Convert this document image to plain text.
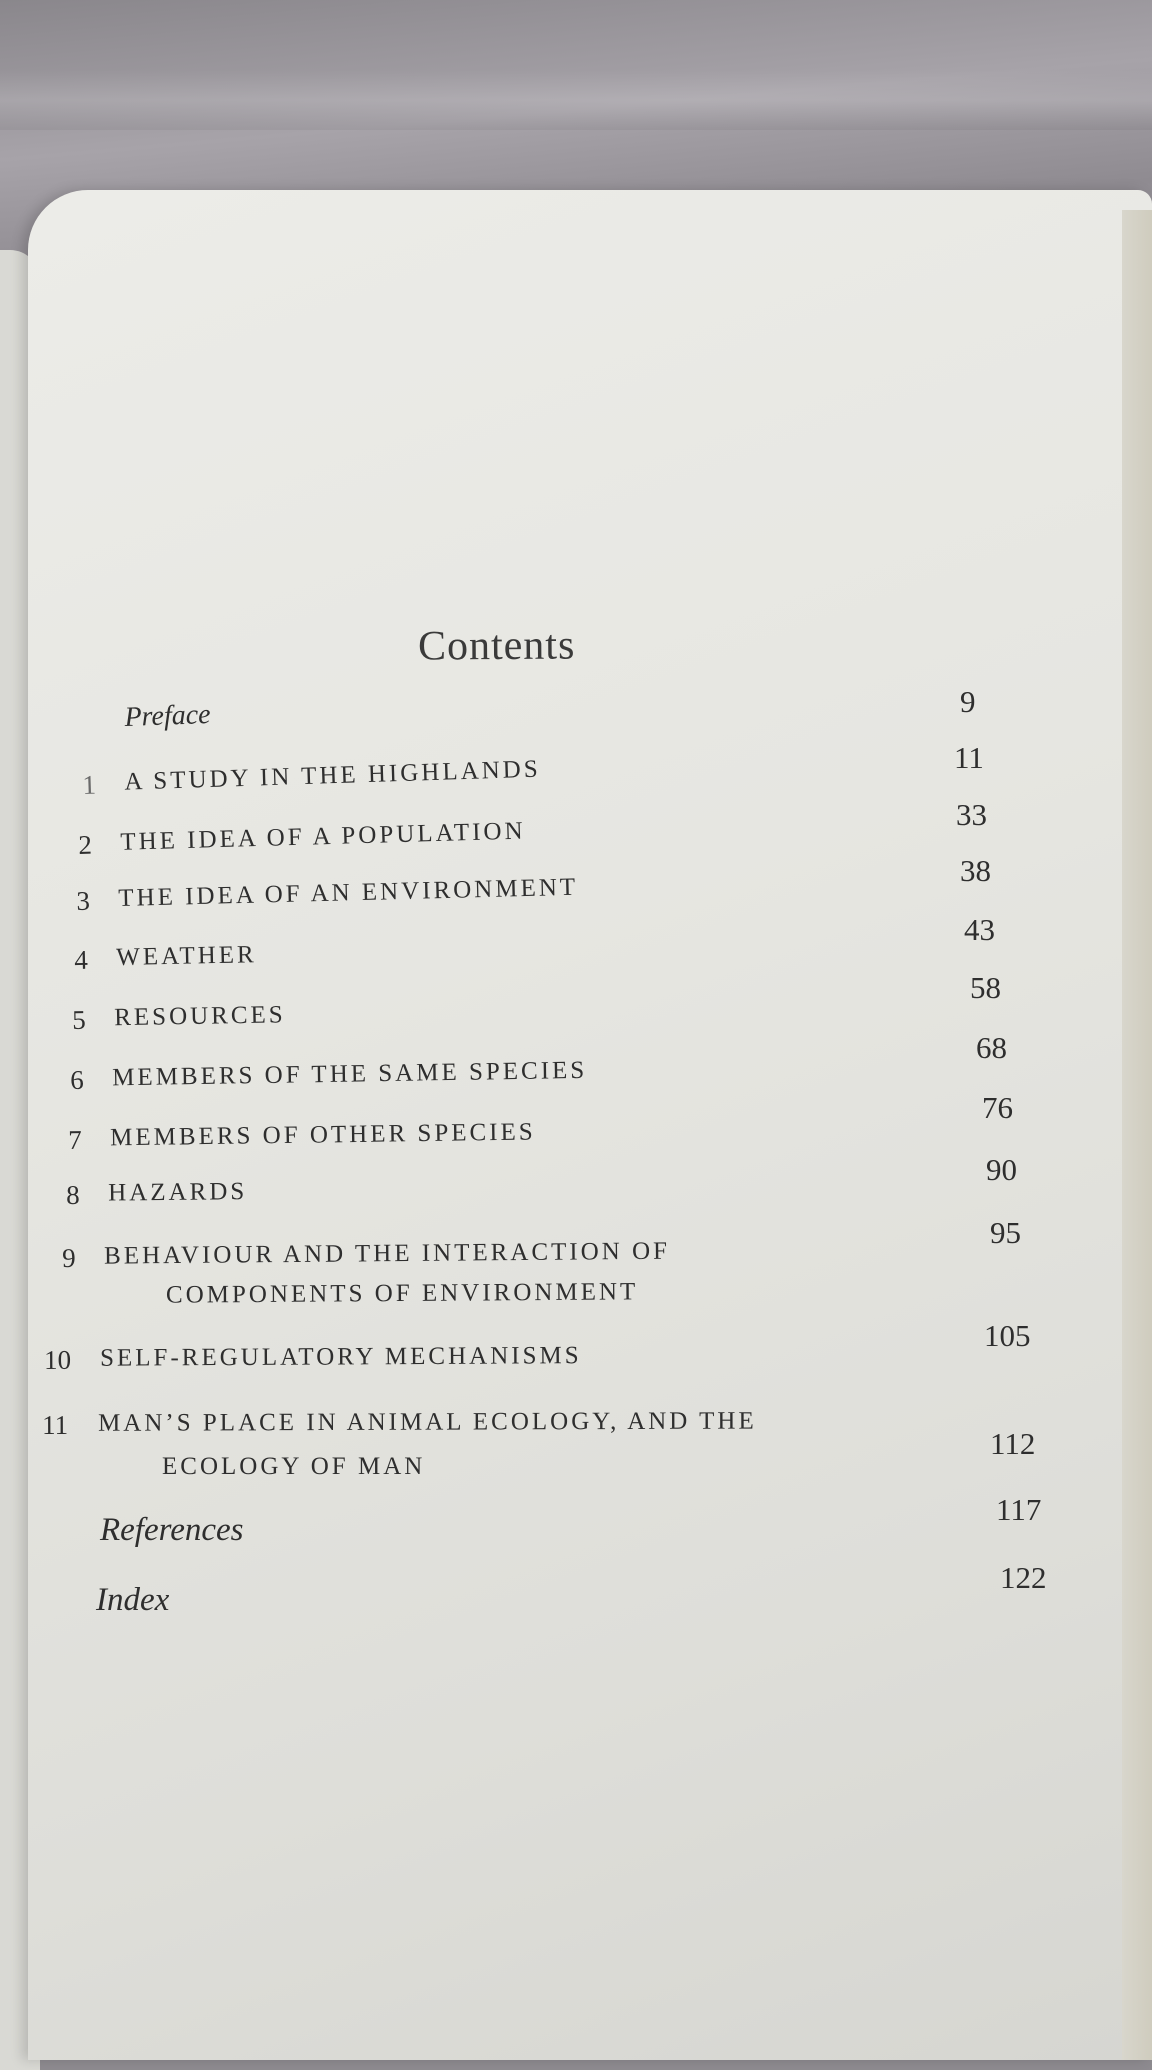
Contents
Preface	9
1 A STUDY IN THE HIGHLANDS	11
2 THE IDEA OF A POPULATION
33
3 THE IDEA OF AN ENVIRONMENT
38
4 WEATHER
43
5 RESOURCES
58
6 MEMBERS OF THE SAME SPECIES
68
7 MEMBERS OF OTHER SPECIES
76
8 HAZARDS
90
9 BEHAVIOUR AND THE INTERACTION OF
COMPONENTS OF ENVIRONMENT
95
10 SELF-REGULATORY MECHANISMS
105
11 MAN’S PLACE IN ANIMAL ECOLOGY, AND THE
ECOLOGY OF MAN
112
References
117
Index
122
